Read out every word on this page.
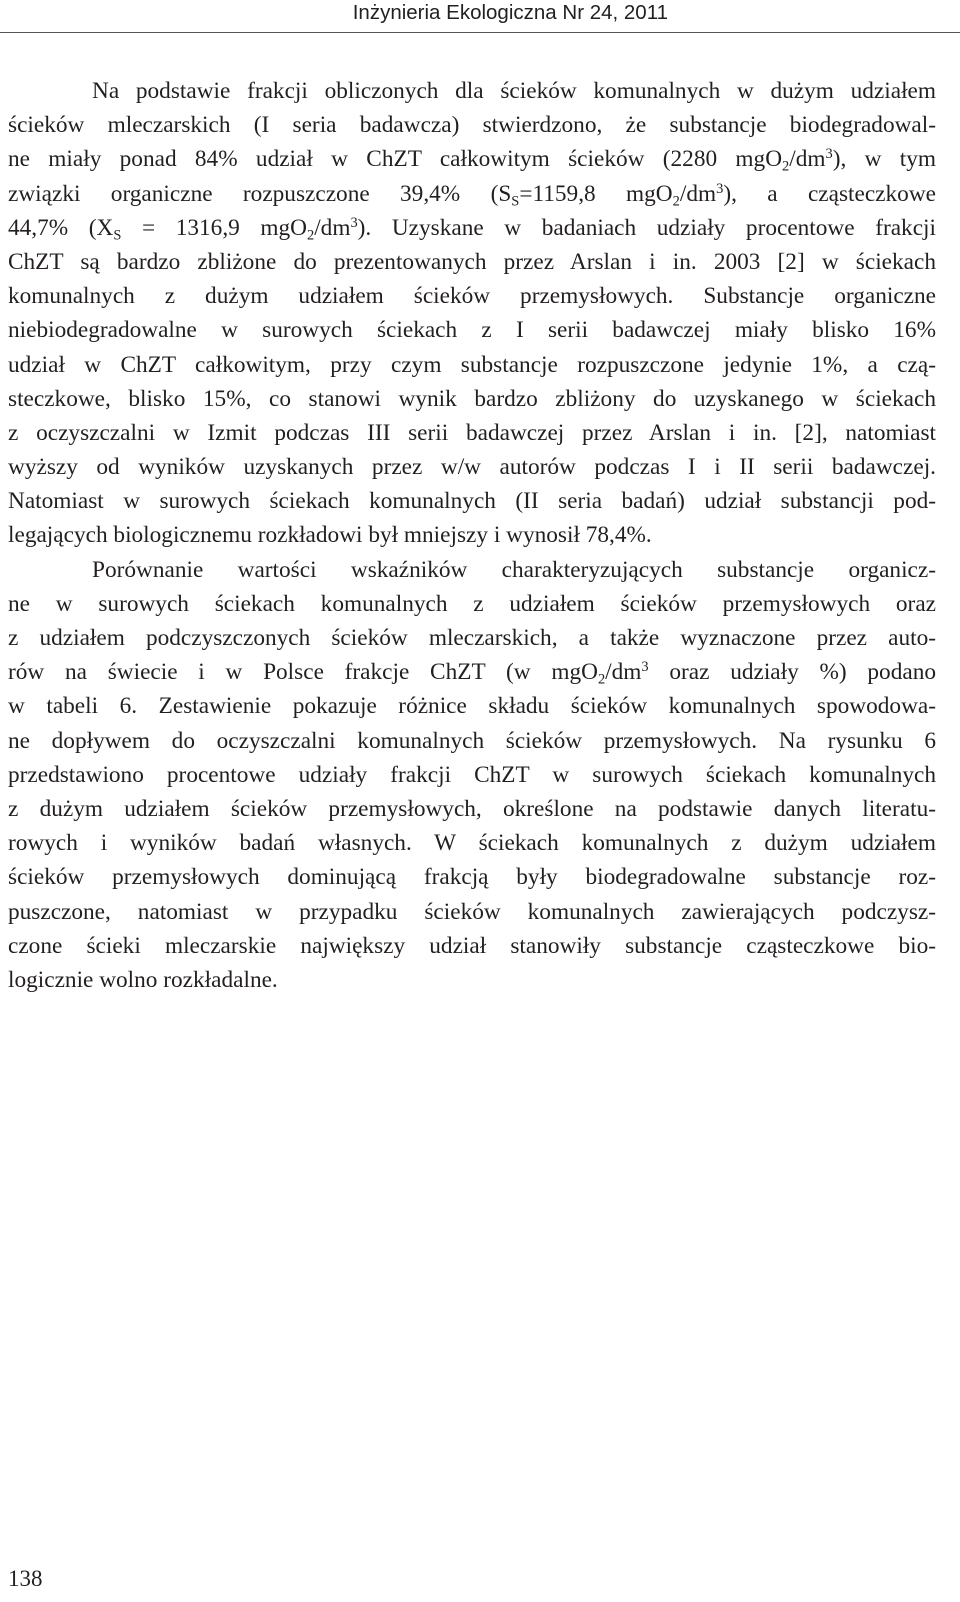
Inżynieria Ekologiczna Nr 24, 2011
Na podstawie frakcji obliczonych dla ścieków komunalnych w dużym udziałem
ścieków mleczarskich (I seria badawcza) stwierdzono, że substancje biodegradowal-
ne miały ponad 84% udział w ChZT całkowitym ścieków (2280 $mgO_2/dm^3$), w tym
związki organiczne rozpuszczone 39,4% ($S_S=1159,8$ $mgO_2/dm^3$), a cząsteczkowe
44,7% ($X_S = 1316,9$ $mgO_2/dm^3$). Uzyskane w badaniach udziały procentowe frakcji
ChZT są bardzo zbliżone do prezentowanych przez Arslan i in. 2003 [2] w ściekach
komunalnych z dużym udziałem ścieków przemysłowych. Substancje organiczne
niebiodegradowalne w surowych ściekach z I serii badawczej miały blisko 16%
udział w ChZT całkowitym, przy czym substancje rozpuszczone jedynie 1%, a czą-
steczkowe, blisko 15%, co stanowi wynik bardzo zbliżony do uzyskanego w ściekach
z oczyszczalni w Izmit podczas III serii badawczej przez Arslan i in. [2], natomiast
wyższy od wyników uzyskanych przez w/w autorów podczas I i II serii badawczej.
Natomiast w surowych ściekach komunalnych (II seria badań) udział substancji pod-
legających biologicznemu rozkładowi był mniejszy i wynosił 78,4%.
Porównanie wartości wskaźników charakteryzujących substancje organicz-
ne w surowych ściekach komunalnych z udziałem ścieków przemysłowych oraz
z udziałem podczyszczonych ścieków mleczarskich, a także wyznaczone przez auto-
rów na świecie i w Polsce frakcje ChZT (w $mgO_2/dm^3$ oraz udziały %) podano
w tabeli 6. Zestawienie pokazuje różnice składu ścieków komunalnych spowodowa-
ne dopływem do oczyszczalni komunalnych ścieków przemysłowych. Na rysunku 6
przedstawiono procentowe udziały frakcji ChZT w surowych ściekach komunalnych
z dużym udziałem ścieków przemysłowych, określone na podstawie danych literatu-
rowych i wyników badań własnych. W ściekach komunalnych z dużym udziałem
ścieków przemysłowych dominującą frakcją były biodegradowalne substancje roz-
puszczone, natomiast w przypadku ścieków komunalnych zawierających podczysz-
czone ścieki mleczarskie największy udział stanowiły substancje cząsteczkowe bio-
logicznie wolno rozkładalne.
138
